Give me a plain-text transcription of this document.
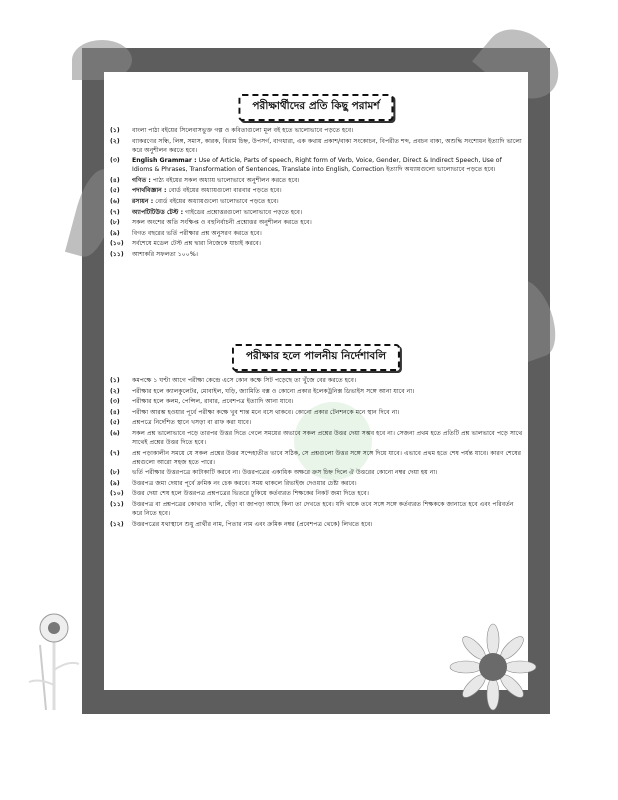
পরীক্ষার্থীদের প্রতি কিছু পরামর্শ
(১)	বাংলা পাঠ্য বইয়ের সিলেবাসভুক্ত গল্প ও কবিতাগুলো মূল বই হতে ভালোভাবে পড়তে হবে।
(২)	ব্যাকরণের সন্ধি, লিঙ্গ, সমাস, কারক, বিরাম চিহ্ন, উপসর্গ, বাগধারা, এক কথায় প্রকাশ/বাক্য সংকোচন, বিপরীত শব্দ, প্রবচন বাক্য, অশুদ্ধি সংশোধন ইত্যাদি ভালো করে অনুশীলন করতে হবে।
(৩)	English Grammar : Use of Article, Parts of speech, Right form of Verb, Voice, Gender, Direct & Indirect Speech, Use of Idioms & Phrases, Transformation of Sentences, Translate into English, Correction ইত্যাদি অধ্যায়গুলো ভালোভাবে পড়তে হবে।
(৪)	গণিত : পাঠ্য বইয়ের সকল অধ্যায় ভালোভাবে অনুশীলন করতে হবে।
(৫)	পদার্থবিজ্ঞান : বোর্ড বইয়ের অধ্যায়গুলো বারবার পড়তে হবে।
(৬)	রসায়ন : বোর্ড বইয়ের অধ্যায়গুলো ভালোভাবে পড়তে হবে।
(৭)	অ্যাপটিটিউড টেস্ট : গাইডের প্রশ্নোত্তরগুলো ভালোভাবে পড়তে হবে।
(৮)	সকল অংশের অতি সংক্ষিপ্ত ও বহুনির্বাচনী প্রশ্নোত্তর অনুশীলন করতে হবে।
(৯)	বিগত বছরের ভর্তি পরীক্ষার প্রশ্ন অনুসরণ করতে হবে।
(১০)	সর্বশেষে মডেল টেস্ট প্রশ্ন দ্বারা নিজেকে যাচাই করবে।
(১১)	আশাকরি সফলতা ১০০%।
পরীক্ষার হলে পালনীয় নির্দেশাবলি
(১)	কমপক্ষে ১ ঘণ্টা আগে পরীক্ষা কেন্দ্রে এসে কোন কক্ষে সিট পড়েছে তা খুঁজে বের করতে হবে।
(২)	পরীক্ষার হলে ক্যালকুলেটর, মোবাইল, ঘড়ি, জ্যামিতি বক্স ও কোনো প্রকার ইলেকট্রনিক্স ডিভাইস সঙ্গে আনা যাবে না।
(৩)	পরীক্ষার হলে কলম, পেন্সিল, রাবার, প্রবেশপত্র ইত্যাদি আনা যাবে।
(৪)	পরীক্ষা আরম্ভ হওয়ার পূর্বে পরীক্ষা কক্ষে খুব শান্ত মনে বসে থাকবে। কোনো প্রকার টেনশনকে মনে স্থান দিবে না।
(৫)	প্রশ্নপত্রে নির্দেশিত স্থানে খসড়া বা রাফ করা যাবে।
(৬)	সকল প্রশ্ন ভালোভাবে পড়ে তারপর উত্তর দিতে গেলে সময়ের অভাবে সকল প্রশ্নের উত্তর দেয়া সম্ভব হবে না। সেজন্য প্রথম হতে প্রতিটি প্রশ্ন ভালভাবে পড়ে সাথে সাথেই প্রশ্নের উত্তর দিতে হবে।
(৭)	প্রশ্ন পড়াকালীন সময়ে যে সকল প্রশ্নের উত্তর সন্দেহাতীত ভাবে সঠিক, সে প্রশ্নগুলো উত্তর সঙ্গে সঙ্গে দিয়ে যাবে। এভাবে প্রথম হতে শেষ পর্যন্ত যাবে। কারণ শেষের প্রশ্নগুলো আরো সহজ হতে পারে।
(৮)	ভর্তি পরীক্ষার উত্তরপত্রে কাটাকাটি করবে না। উত্তরপত্রের একাধিক অক্ষরে ক্রস চিহ্ন দিলে ঐ উত্তরের কোনো নম্বর দেয়া হয় না।
(৯)	উত্তরপত্র জমা দেয়ার পূর্বে ক্রমিক নং চেক করবে। সময় থাকলে রিভাইজ দেওয়ার চেষ্টা করবে।
(১০)	উত্তর দেয়া শেষ হলে উত্তরপত্র প্রশ্নপত্রের ভিতরে ঢুকিয়ে কর্তব্যরত শিক্ষকের নিকট জমা দিতে হবে।
(১১)	উত্তরপত্র বা প্রশ্নপত্রের কোথাও খালি, ছেঁড়া বা জাপড়া আছে কিনা তা দেখতে হবে। যদি থাকে তবে সঙ্গে সঙ্গে কর্তব্যরত শিক্ষককে জানাতে হবে এবং পরিবর্তন করে নিতে হবে।
(১২)	উত্তরপত্রের যথাস্থানে শুধু প্রার্থীর নাম, পিতার নাম এবং ক্রমিক নম্বর (প্রবেশপত্র থেকে) লিখতে হবে।
